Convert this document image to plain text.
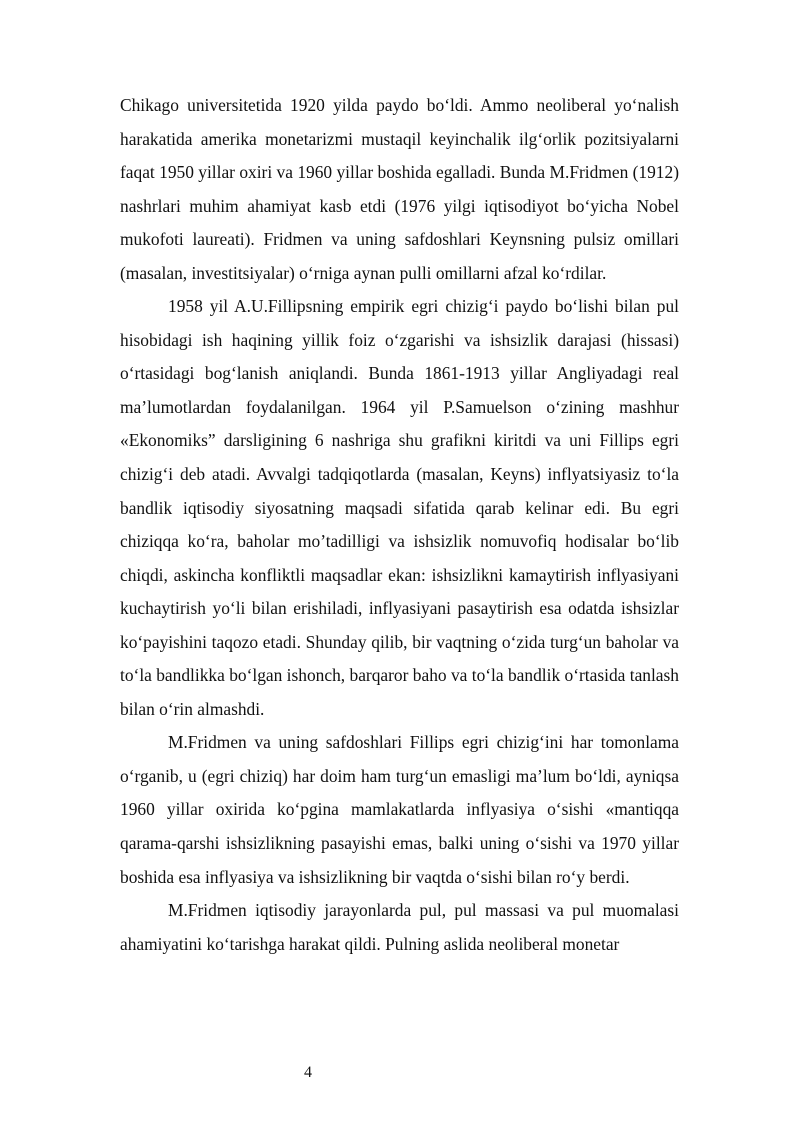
Chikago universitetida 1920 yilda paydo bo‘ldi. Ammo neoliberal yo‘nalish harakatida amerika monetarizmi mustaqil keyinchalik ilg‘orlik pozitsiyalarni faqat 1950 yillar oxiri va 1960 yillar boshida egalladi. Bunda M.Fridmen (1912) nashrlari muhim ahamiyat kasb etdi (1976 yilgi iqtisodiyot bo‘yicha Nobel mukofoti laureati). Fridmen va uning safdoshlari Keynsning pulsiz omillari (masalan, investitsiyalar) o‘rniga aynan pulli omillarni afzal ko‘rdilar.

1958 yil A.U.Fillipsning empirik egri chizig‘i paydo bo‘lishi bilan pul hisobidagi ish haqining yillik foiz o‘zgarishi va ishsizlik darajasi (hissasi) o‘rtasidagi bog‘lanish aniqlandi. Bunda 1861-1913 yillar Angliyadagi real ma’lumotlardan foydalanilgan. 1964 yil P.Samuelson o‘zining mashhur «Ekonomiks” darsligining 6 nashriga shu grafikni kiritdi va uni Fillips egri chizig‘i deb atadi. Avvalgi tadqiqotlarda (masalan, Keyns) inflyatsiyasiz to‘la bandlik iqtisodiy siyosatning maqsadi sifatida qarab kelinar edi. Bu egri chiziqqa ko‘ra, baholar mo’tadilligi va ishsizlik nomuvofiq hodisalar bo‘lib chiqdi, askincha konfliktli maqsadlar ekan: ishsizlikni kamaytirish inflyasiyani kuchaytirish yo‘li bilan erishiladi, inflyasiyani pasaytirish esa odatda ishsizlar ko‘payishini taqozo etadi. Shunday qilib, bir vaqtning o‘zida turg‘un baholar va to‘la bandlikka bo‘lgan ishonch, barqaror baho va to‘la bandlik o‘rtasida tanlash bilan o‘rin almashdi.

M.Fridmen va uning safdoshlari Fillips egri chizig‘ini har tomonlama o‘rganib, u (egri chiziq) har doim ham turg‘un emasligi ma’lum bo‘ldi, ayniqsa 1960 yillar oxirida ko‘pgina mamlakatlarda inflyasiya o‘sishi «mantiqqa qarama-qarshi ishsizlikning pasayishi emas, balki uning o‘sishi va 1970 yillar boshida esa inflyasiya va ishsizlikning bir vaqtda o‘sishi bilan ro‘y berdi.

M.Fridmen iqtisodiy jarayonlarda pul, pul massasi va pul muomalasi ahamiyatini ko‘tarishga harakat qildi. Pulning aslida neoliberal monetar

4
